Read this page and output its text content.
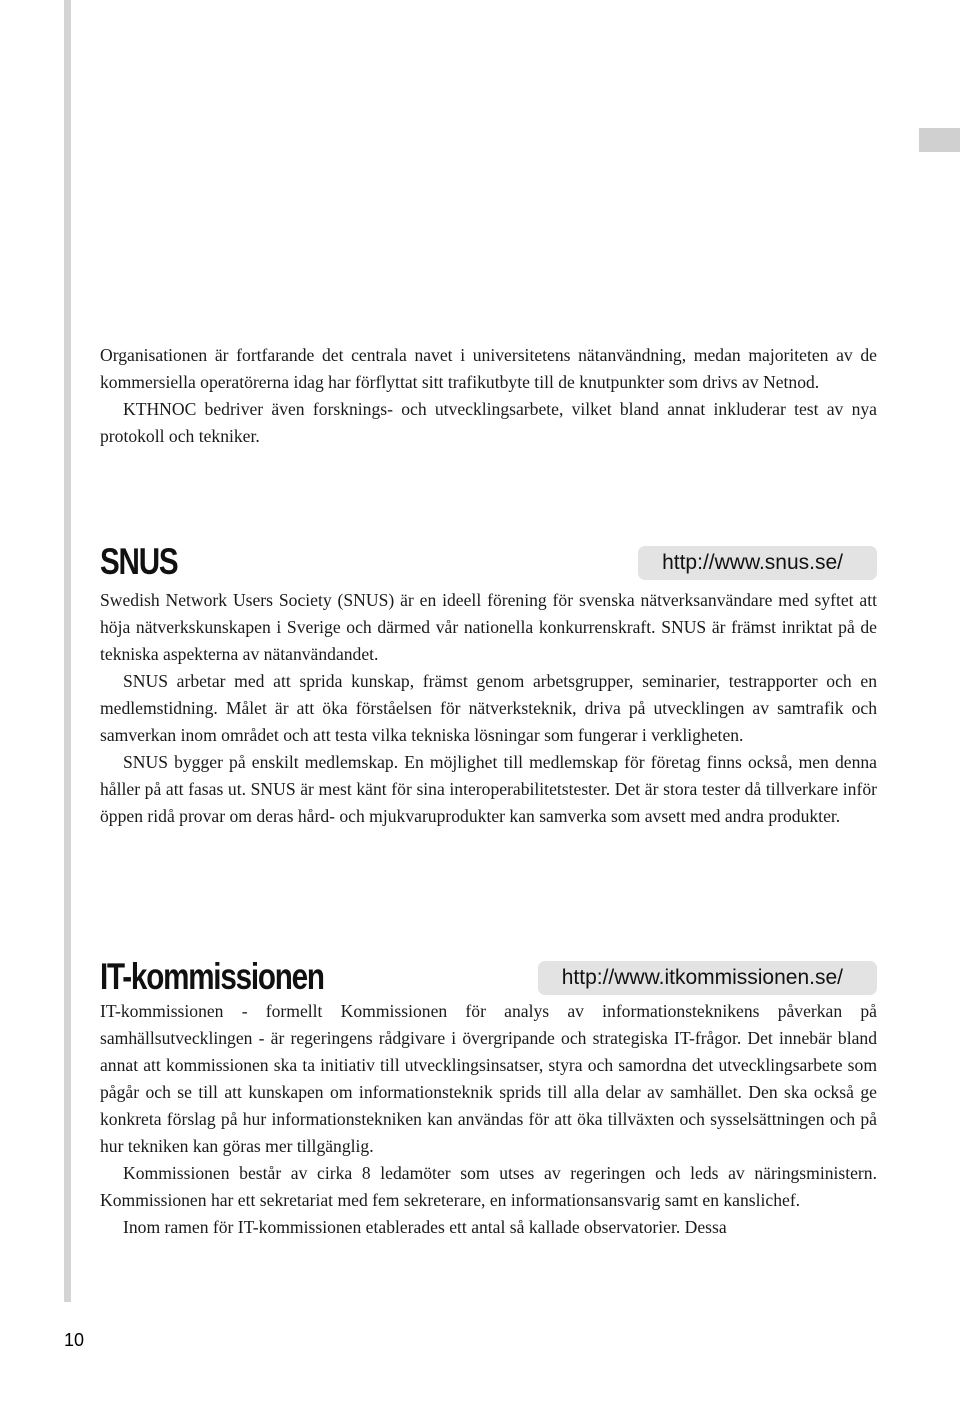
Organisationen är fortfarande det centrala navet i universitetens nätanvändning, medan majoriteten av de kommersiella operatörerna idag har förflyttat sitt trafikutbyte till de knutpunkter som drivs av Netnod.

KTHNOC bedriver även forsknings- och utvecklingsarbete, vilket bland annat inkluderar test av nya protokoll och tekniker.

SNUS	http://www.snus.se/

Swedish Network Users Society (SNUS) är en ideell förening för svenska nätverksanvändare med syftet att höja nätverkskunskapen i Sverige och därmed vår nationella konkurrenskraft. SNUS är främst inriktat på de tekniska aspekterna av nätanvändandet.

SNUS arbetar med att sprida kunskap, främst genom arbetsgrupper, seminarier, testrapporter och en medlemstidning. Målet är att öka förståelsen för nätverksteknik, driva på utvecklingen av samtrafik och samverkan inom området och att testa vilka tekniska lösningar som fungerar i verkligheten.

SNUS bygger på enskilt medlemskap. En möjlighet till medlemskap för företag finns också, men denna håller på att fasas ut. SNUS är mest känt för sina interoperabilitetstester. Det är stora tester då tillverkare inför öppen ridå provar om deras hård- och mjukvaruprodukter kan samverka som avsett med andra produkter.

IT-kommissionen	http://www.itkommissionen.se/

IT-kommissionen - formellt Kommissionen för analys av informationsteknikens påverkan på samhällsutvecklingen - är regeringens rådgivare i övergripande och strategiska IT-frågor. Det innebär bland annat att kommissionen ska ta initiativ till utvecklingsinsatser, styra och samordna det utvecklingsarbete som pågår och se till att kunskapen om informationsteknik sprids till alla delar av samhället. Den ska också ge konkreta förslag på hur informationstekniken kan användas för att öka tillväxten och sysselsättningen och på hur tekniken kan göras mer tillgänglig.

Kommissionen består av cirka 8 ledamöter som utses av regeringen och leds av näringsministern. Kommissionen har ett sekretariat med fem sekreterare, en informationsansvarig samt en kanslichef.

Inom ramen för IT-kommissionen etablerades ett antal så kallade observatorier. Dessa

10
